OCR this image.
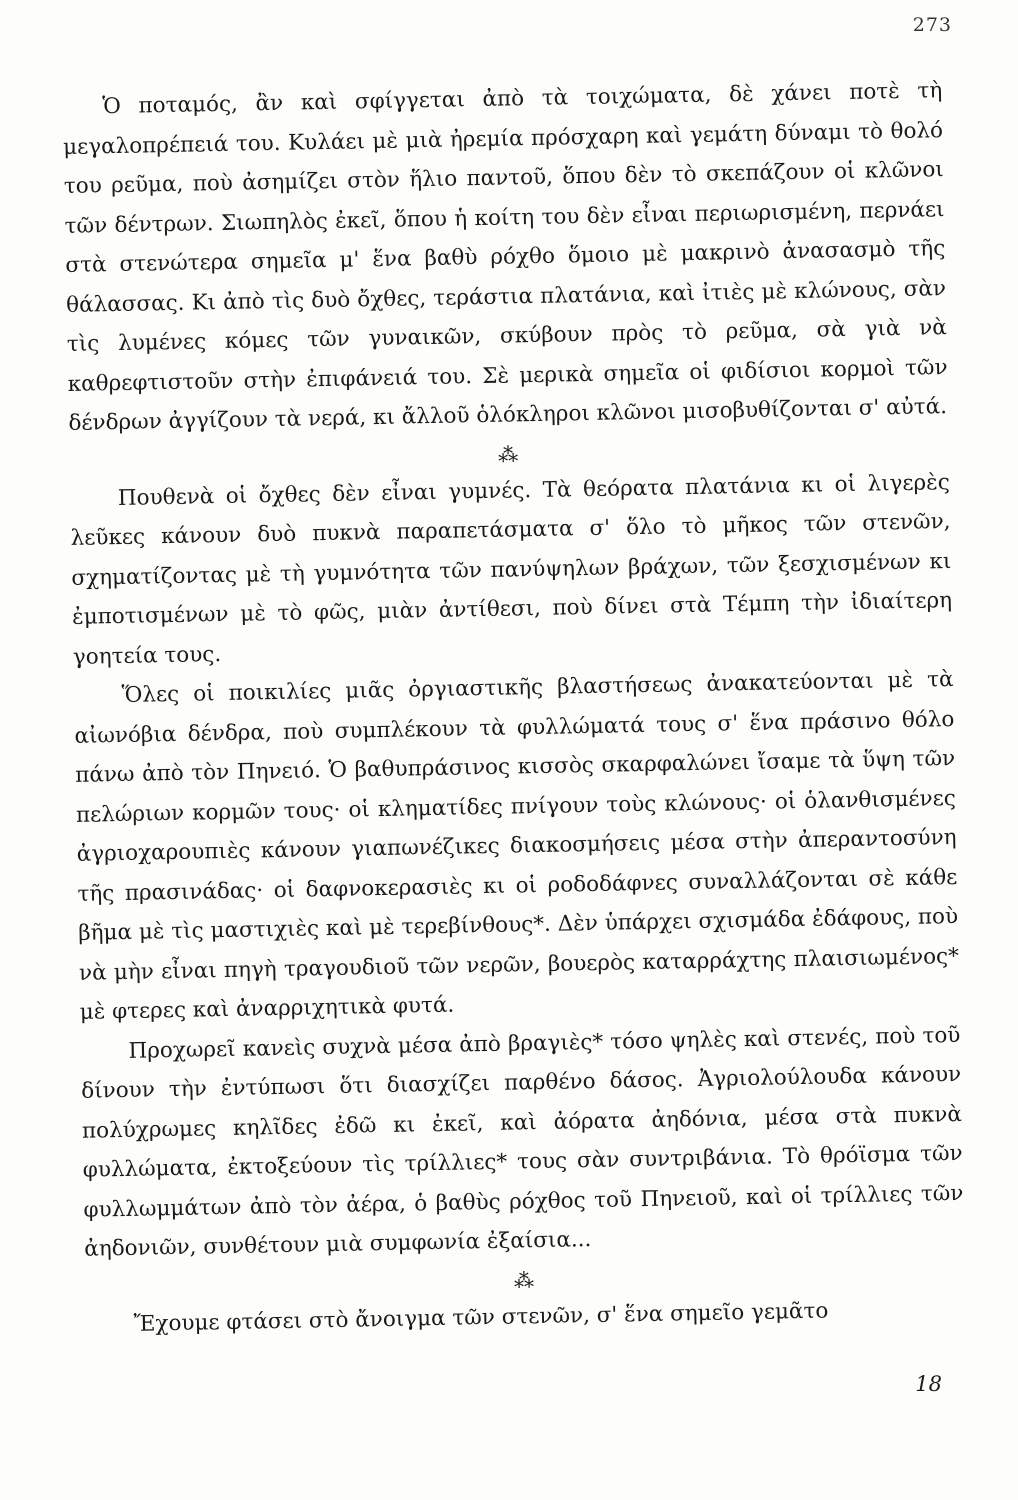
273

Ὁ ποταμός, ἂν καὶ σφίγγεται ἀπὸ τὰ τοιχώματα, δὲ χάνει ποτὲ τὴ μεγαλοπρέπειά του. Κυλάει μὲ μιὰ ἠρεμία πρόσχαρη καὶ γεμάτη δύναμι τὸ θολό του ρεῦμα, ποὺ ἀσημίζει στὸν ἥλιο παντοῦ, ὅπου δὲν τὸ σκεπάζουν οἱ κλῶνοι τῶν δέντρων. Σιωπηλὸς ἐκεῖ, ὅπου ἡ κοίτη του δὲν εἶναι περιωρισμένη, περνάει στὰ στενώτερα σημεῖα μ' ἕνα βαθὺ ρόχθο ὅμοιο μὲ μακρινὸ ἀνασασμὸ τῆς θάλασσας. Κι ἀπὸ τὶς δυὸ ὄχθες, τεράστια πλατάνια, καὶ ἰτιὲς μὲ κλώνους, σὰν τὶς λυμένες κόμες τῶν γυναικῶν, σκύβουν πρὸς τὸ ρεῦμα, σὰ γιὰ νὰ καθρεφτιστοῦν στὴν ἐπιφάνειά του. Σὲ μερικὰ σημεῖα οἱ φιδίσιοι κορμοὶ τῶν δένδρων ἀγγίζουν τὰ νερά, κι ἄλλοῦ ὁλόκληροι κλῶνοι μισοβυθίζονται σ' αὐτά.

⁂

Πουθενὰ οἱ ὄχθες δὲν εἶναι γυμνές. Τὰ θεόρατα πλατάνια κι οἱ λιγερὲς λεῦκες κάνουν δυὸ πυκνὰ παραπετάσματα σ' ὅλο τὸ μῆκος τῶν στενῶν, σχηματίζοντας μὲ τὴ γυμνότητα τῶν πανύψηλων βράχων, τῶν ξεσχισμένων κι ἐμποτισμένων μὲ τὸ φῶς, μιὰν ἀντίθεσι, ποὺ δίνει στὰ Τέμπη τὴν ἰδιαίτερη γοητεία τους.

Ὅλες οἱ ποικιλίες μιᾶς ὀργιαστικῆς βλαστήσεως ἀνακατεύονται μὲ τὰ αἰωνόβια δένδρα, ποὺ συμπλέκουν τὰ φυλλώματά τους σ' ἕνα πράσινο θόλο πάνω ἀπὸ τὸν Πηνειό. Ὁ βαθυπράσινος κισσὸς σκαρφαλώνει ἴσαμε τὰ ὕψη τῶν πελώριων κορμῶν τους· οἱ κληματίδες πνίγουν τοὺς κλώνους· οἱ ὁλανθισμένες ἀγριοχαρουπιὲς κάνουν γιαπωνέζικες διακοσμήσεις μέσα στὴν ἀπεραντοσύνη τῆς πρασινάδας· οἱ δαφνοκερασιὲς κι οἱ ροδοδάφνες συναλλάζονται σὲ κάθε βῆμα μὲ τὶς μαστιχιὲς καὶ μὲ τερεβίνθους*. Δὲν ὑπάρχει σχισμάδα ἐδάφους, ποὺ νὰ μὴν εἶναι πηγὴ τραγουδιοῦ τῶν νερῶν, βουερὸς καταρράχτης πλαισιωμένος* μὲ φτερες καὶ ἀναρριχητικὰ φυτά.

Προχωρεῖ κανεὶς συχνὰ μέσα ἀπὸ βραγιὲς* τόσο ψηλὲς καὶ στενές, ποὺ τοῦ δίνουν τὴν ἐντύπωσι ὅτι διασχίζει παρθένο δάσος. Ἀγριολούλουδα κάνουν πολύχρωμες κηλῖδες ἐδῶ κι ἐκεῖ, καὶ ἀόρατα ἀηδόνια, μέσα στὰ πυκνὰ φυλλώματα, ἐκτοξεύουν τὶς τρίλλιες* τους σὰν συντριβάνια. Τὸ θρόϊσμα τῶν φυλλωμμάτων ἀπὸ τὸν ἀέρα, ὁ βαθὺς ρόχθος τοῦ Πηνειοῦ, καὶ οἱ τρίλλιες τῶν ἀηδονιῶν, συνθέτουν μιὰ συμφωνία ἐξαίσια...

⁂

Ἔχουμε φτάσει στὸ ἄνοιγμα τῶν στενῶν, σ' ἕνα σημεῖο γεμᾶτο

18
